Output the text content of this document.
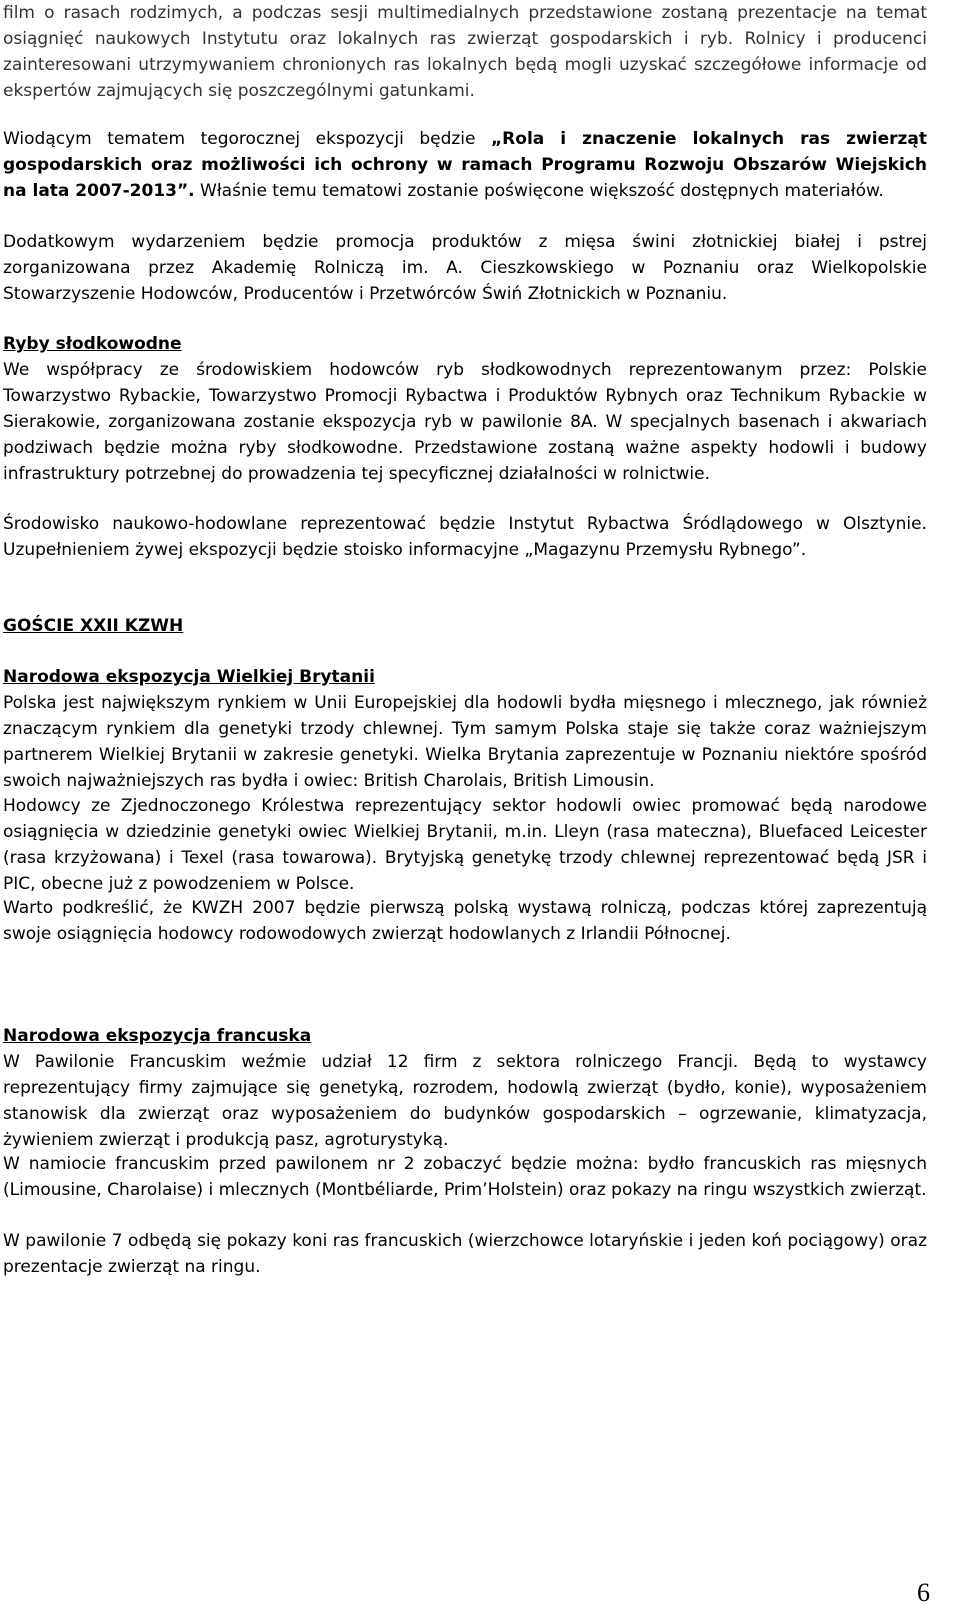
film o rasach rodzimych, a podczas sesji multimedialnych przedstawione zostaną prezentacje na temat osiągnięć naukowych Instytutu oraz lokalnych ras zwierząt gospodarskich i ryb. Rolnicy i producenci zainteresowani utrzymywaniem chronionych ras lokalnych będą mogli uzyskać szczegółowe informacje od ekspertów zajmujących się poszczególnymi gatunkami.

Wiodącym tematem tegorocznej ekspozycji będzie „Rola i znaczenie lokalnych ras zwierząt gospodarskich oraz możliwości ich ochrony w ramach Programu Rozwoju Obszarów Wiejskich na lata 2007-2013”. Właśnie temu tematowi zostanie poświęcone większość dostępnych materiałów.

Dodatkowym wydarzeniem będzie promocja produktów z mięsa świni złotnickiej białej i pstrej zorganizowana przez Akademię Rolniczą im. A. Cieszkowskiego w Poznaniu oraz Wielkopolskie Stowarzyszenie Hodowców, Producentów i Przetwórców Świń Złotnickich w Poznaniu.

Ryby słodkowodne

We współpracy ze środowiskiem hodowców ryb słodkowodnych reprezentowanym przez: Polskie Towarzystwo Rybackie, Towarzystwo Promocji Rybactwa i Produktów Rybnych oraz Technikum Rybackie w Sierakowie, zorganizowana zostanie ekspozycja ryb w pawilonie 8A. W specjalnych basenach i akwariach podziwach będzie można ryby słodkowodne. Przedstawione zostaną ważne aspekty hodowli i budowy infrastruktury potrzebnej do prowadzenia tej specyficznej działalności w rolnictwie.

Środowisko naukowo-hodowlane reprezentować będzie Instytut Rybactwa Śródlądowego w Olsztynie. Uzupełnieniem żywej ekspozycji będzie stoisko informacyjne „Magazynu Przemysłu Rybnego”.

GOŚCIE XXII KZWH
Narodowa ekspozycja Wielkiej Brytanii

Polska jest największym rynkiem w Unii Europejskiej dla hodowli bydła mięsnego i mlecznego, jak również znaczącym rynkiem dla genetyki trzody chlewnej. Tym samym Polska staje się także coraz ważniejszym partnerem Wielkiej Brytanii w zakresie genetyki. Wielka Brytania zaprezentuje w Poznaniu niektóre spośród swoich najważniejszych ras bydła i owiec: British Charolais, British Limousin.

Hodowcy ze Zjednoczonego Królestwa reprezentujący sektor hodowli owiec promować będą narodowe osiągnięcia w dziedzinie genetyki owiec Wielkiej Brytanii, m.in. Lleyn (rasa mateczna), Bluefaced Leicester (rasa krzyżowana) i Texel (rasa towarowa). Brytyjską genetykę trzody chlewnej reprezentować będą JSR i PIC, obecne już z powodzeniem w Polsce.

Warto podkreślić, że KWZH 2007 będzie pierwszą polską wystawą rolniczą, podczas której zaprezentują swoje osiągnięcia hodowcy rodowodowych zwierząt hodowlanych z Irlandii Północnej.

Narodowa ekspozycja francuska

W Pawilonie Francuskim weźmie udział 12 firm z sektora rolniczego Francji. Będą to wystawcy reprezentujący firmy zajmujące się genetyką, rozrodem, hodowlą zwierząt (bydło, konie), wyposażeniem stanowisk dla zwierząt oraz wyposażeniem do budynków gospodarskich – ogrzewanie, klimatyzacja, żywieniem zwierząt i produkcją pasz, agroturystyką.

W namiocie francuskim przed pawilonem nr 2 zobaczyć będzie można: bydło francuskich ras mięsnych (Limousine, Charolaise) i mlecznych (Montbéliarde, Prim’Holstein) oraz pokazy na ringu wszystkich zwierząt.

W pawilonie 7 odbędą się pokazy koni ras francuskich (wierzchowce lotaryńskie i jeden koń pociągowy) oraz prezentacje zwierząt na ringu.

6
